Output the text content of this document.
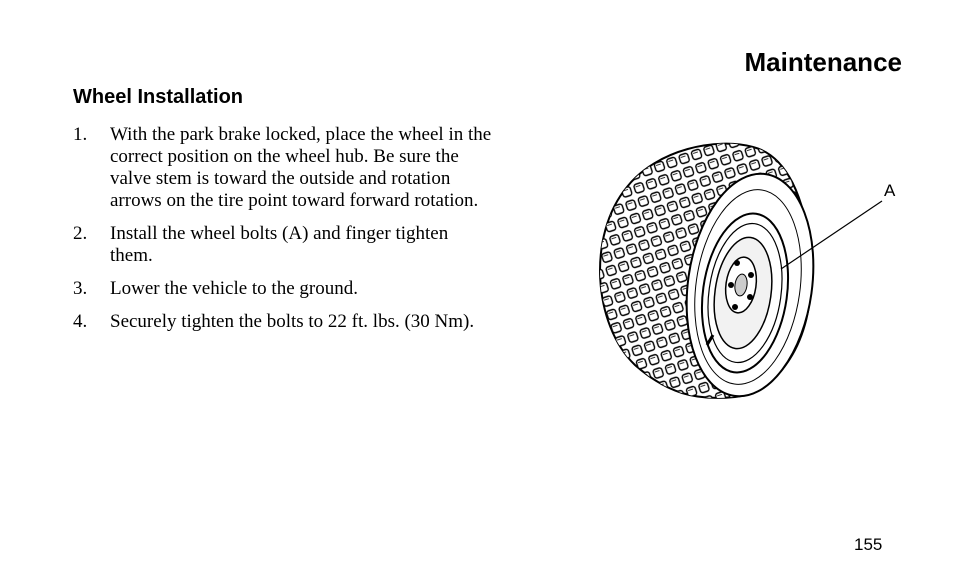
Maintenance
Wheel Installation
1.	With the park brake locked, place the wheel in the correct position on the wheel hub. Be sure the valve stem is toward the outside and rotation arrows on the tire point toward forward rotation.
2.	Install the wheel bolts (A) and finger tighten them.
3.	Lower the vehicle to the ground.
4.	Securely tighten the bolts to 22 ft. lbs. (30 Nm).
A
155
